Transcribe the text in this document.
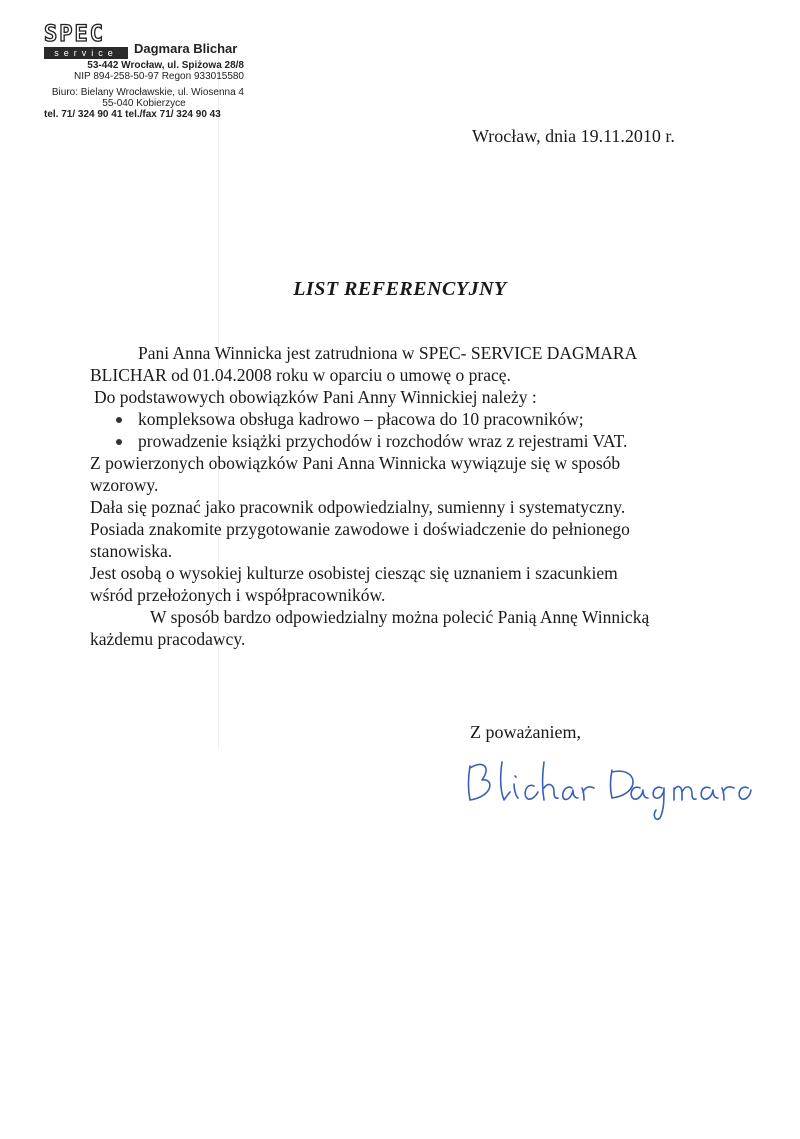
SPEC
service	Dagmara Blichar
53-442 Wrocław, ul. Spiżowa 28/8
NIP 894-258-50-97 Regon 933015580
Biuro: Bielany Wrocławskie, ul. Wiosenna 4
55-040 Kobierzyce
tel. 71/ 324 90 41 tel./fax 71/ 324 90 43
Wrocław, dnia 19.11.2010 r.
LIST REFERENCYJNY

Pani Anna Winnicka jest zatrudniona w SPEC- SERVICE DAGMARA

BLICHAR od 01.04.2008 roku w oparciu o umowę o pracę.

Do podstawowych obowiązków Pani Anny Winnickiej należy :

kompleksowa obsługa kadrowo – płacowa do 10 pracowników;
prowadzenie książki przychodów i rozchodów wraz z rejestrami VAT.

Z powierzonych obowiązków Pani Anna Winnicka wywiązuje się w sposób

wzorowy.

Dała się poznać jako pracownik odpowiedzialny, sumienny i systematyczny.

Posiada znakomite przygotowanie zawodowe i doświadczenie do pełnionego

stanowiska.

Jest osobą o wysokiej kulturze osobistej ciesząc się uznaniem i szacunkiem

wśród przełożonych i współpracowników.

W sposób bardzo odpowiedzialny można polecić Panią Annę Winnicką

każdemu pracodawcy.

Z poważaniem,
